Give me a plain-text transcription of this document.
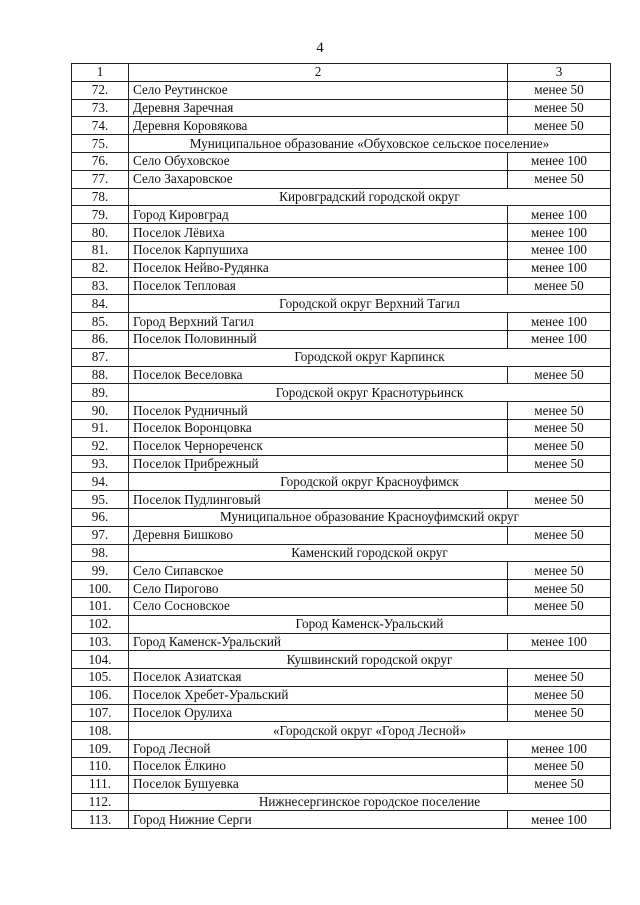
4
1	2	3
72.	Село Реутинское	менее 50
73.	Деревня Заречная	менее 50
74.	Деревня Коровякова	менее 50
75.	Муниципальное образование «Обуховское сельское поселение»	
76.	Село Обуховское	менее 100
77.	Село Захаровское	менее 50
78.	Кировградский городской округ	
79.	Город Кировград	менее 100
80.	Поселок Лёвиха	менее 100
81.	Поселок Карпушиха	менее 100
82.	Поселок Нейво-Рудянка	менее 100
83.	Поселок Тепловая	менее 50
84.	Городской округ Верхний Тагил	
85.	Город Верхний Тагил	менее 100
86.	Поселок Половинный	менее 100
87.	Городской округ Карпинск	
88.	Поселок Веселовка	менее 50
89.	Городской округ Краснотурьинск	
90.	Поселок Рудничный	менее 50
91.	Поселок Воронцовка	менее 50
92.	Поселок Чернореченск	менее 50
93.	Поселок Прибрежный	менее 50
94.	Городской округ Красноуфимск	
95.	Поселок Пудлинговый	менее 50
96.	Муниципальное образование Красноуфимский округ	
97.	Деревня Бишково	менее 50
98.	Каменский городской округ	
99.	Село Сипавское	менее 50
100.	Село Пирогово	менее 50
101.	Село Сосновское	менее 50
102.	Город Каменск-Уральский	
103.	Город Каменск-Уральский	менее 100
104.	Кушвинский городской округ	
105.	Поселок Азиатская	менее 50
106.	Поселок Хребет-Уральский	менее 50
107.	Поселок Орулиха	менее 50
108.	«Городской округ «Город Лесной»	
109.	Город Лесной	менее 100
110.	Поселок Ёлкино	менее 50
111.	Поселок Бушуевка	менее 50
112.	Нижнесергинское городское поселение	
113.	Город Нижние Серги	менее 100
